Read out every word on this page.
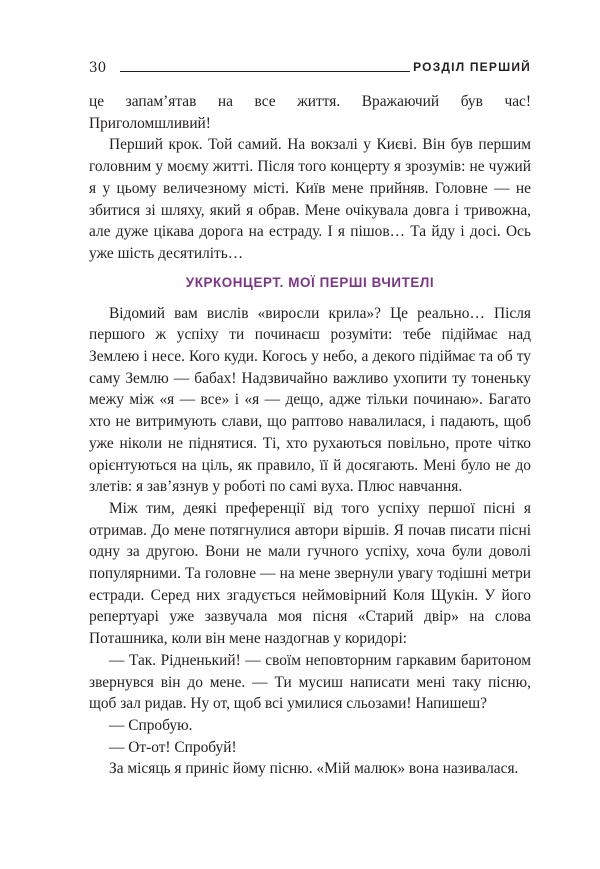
30	РОЗДІЛ ПЕРШИЙ

це запам’ятав на все життя. Вражаючий був час! Приголомшливий!

Перший крок. Той самий. На вокзалі у Києві. Він був першим головним у моєму житті. Після того концерту я зрозумів: не чужий я у цьому величезному місті. Київ мене прийняв. Головне — не збитися зі шляху, який я обрав. Мене очікувала довга і тривожна, але дуже цікава дорога на естраду. І я пішов… Та йду і досі. Ось уже шість десятиліть…

УКРКОНЦЕРТ. МОЇ ПЕРШІ ВЧИТЕЛІ

Відомий вам вислів «виросли крила»? Це реально… Після першого ж успіху ти починаєш розуміти: тебе підіймає над Землею і несе. Кого куди. Когось у небо, а декого підіймає та об ту саму Землю — бабах! Надзвичайно важливо ухопити ту тоненьку межу між «я — все» і «я — дещо, адже тільки починаю». Багато хто не витримують слави, що раптово навалилася, і падають, щоб уже ніколи не піднятися. Ті, хто рухаються повільно, проте чітко орієнтуються на ціль, як правило, її й досягають. Мені було не до злетів: я зав’язнув у роботі по самі вуха. Плюс навчання.

Між тим, деякі преференції від того успіху першої пісні я отримав. До мене потягнулися автори віршів. Я почав писати пісні одну за другою. Вони не мали гучного успіху, хоча були доволі популярними. Та головне — на мене звернули увагу тодішні метри естради. Серед них згадується неймовірний Коля Щукін. У його репертуарі уже зазвучала моя пісня «Старий двір» на слова Поташника, коли він мене наздогнав у коридорі:

— Так. Рідненький! — своїм неповторним гаркавим баритоном звернувся він до мене. — Ти мусиш написати мені таку пісню, щоб зал ридав. Ну от, щоб всі умилися сльозами! Напишеш?

— Спробую.

— От-от! Спробуй!

За місяць я приніс йому пісню. «Мій малюк» вона називалася.
